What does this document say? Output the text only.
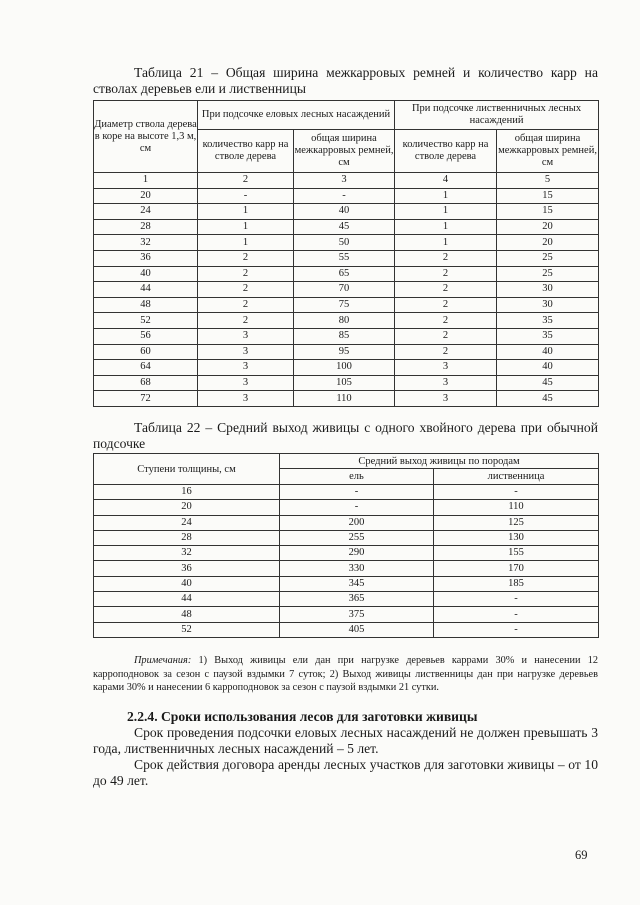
Таблица 21 – Общая ширина межкарровых ремней и количество карр на стволах деревьев ели и лиственницы
Диаметр ствола дерева в коре на высоте 1,3 м, см	При подсочке еловых лесных насаждений		При подсочке лиственничных лесных насаждений	
	количество карр на стволе дерева	общая ширина межкарровых ремней, см	количество карр на стволе дерева	общая ширина межкарровых ремней, см
1	2	3	4	5
20	-	-	1	15
24	1	40	1	15
28	1	45	1	20
32	1	50	1	20
36	2	55	2	25
40	2	65	2	25
44	2	70	2	30
48	2	75	2	30
52	2	80	2	35
56	3	85	2	35
60	3	95	2	40
64	3	100	3	40
68	3	105	3	45
72	3	110	3	45
Таблица 22 – Средний выход живицы с одного хвойного дерева при обычной подсочке
Ступени толщины, см	Средний выход живицы по породам	
	ель	лиственница
16	-	-
20	-	110
24	200	125
28	255	130
32	290	155
36	330	170
40	345	185
44	365	-
48	375	-
52	405	-
Примечания: 1) Выход живицы ели дан при нагрузке деревьев каррами 30% и нанесении 12 карроподновок за сезон с паузой вздымки 7 суток; 2) Выход живицы лиственницы дан при нагрузке деревьев карами 30% и нанесении 6 карроподновок за сезон с паузой вздымки 21 сутки.
2.2.4. Сроки использования лесов для заготовки живицы
Срок проведения подсочки еловых лесных насаждений не должен превышать 3 года, лиственничных лесных насаждений – 5 лет.
Срок действия договора аренды лесных участков для заготовки живицы – от 10 до 49 лет.
69
